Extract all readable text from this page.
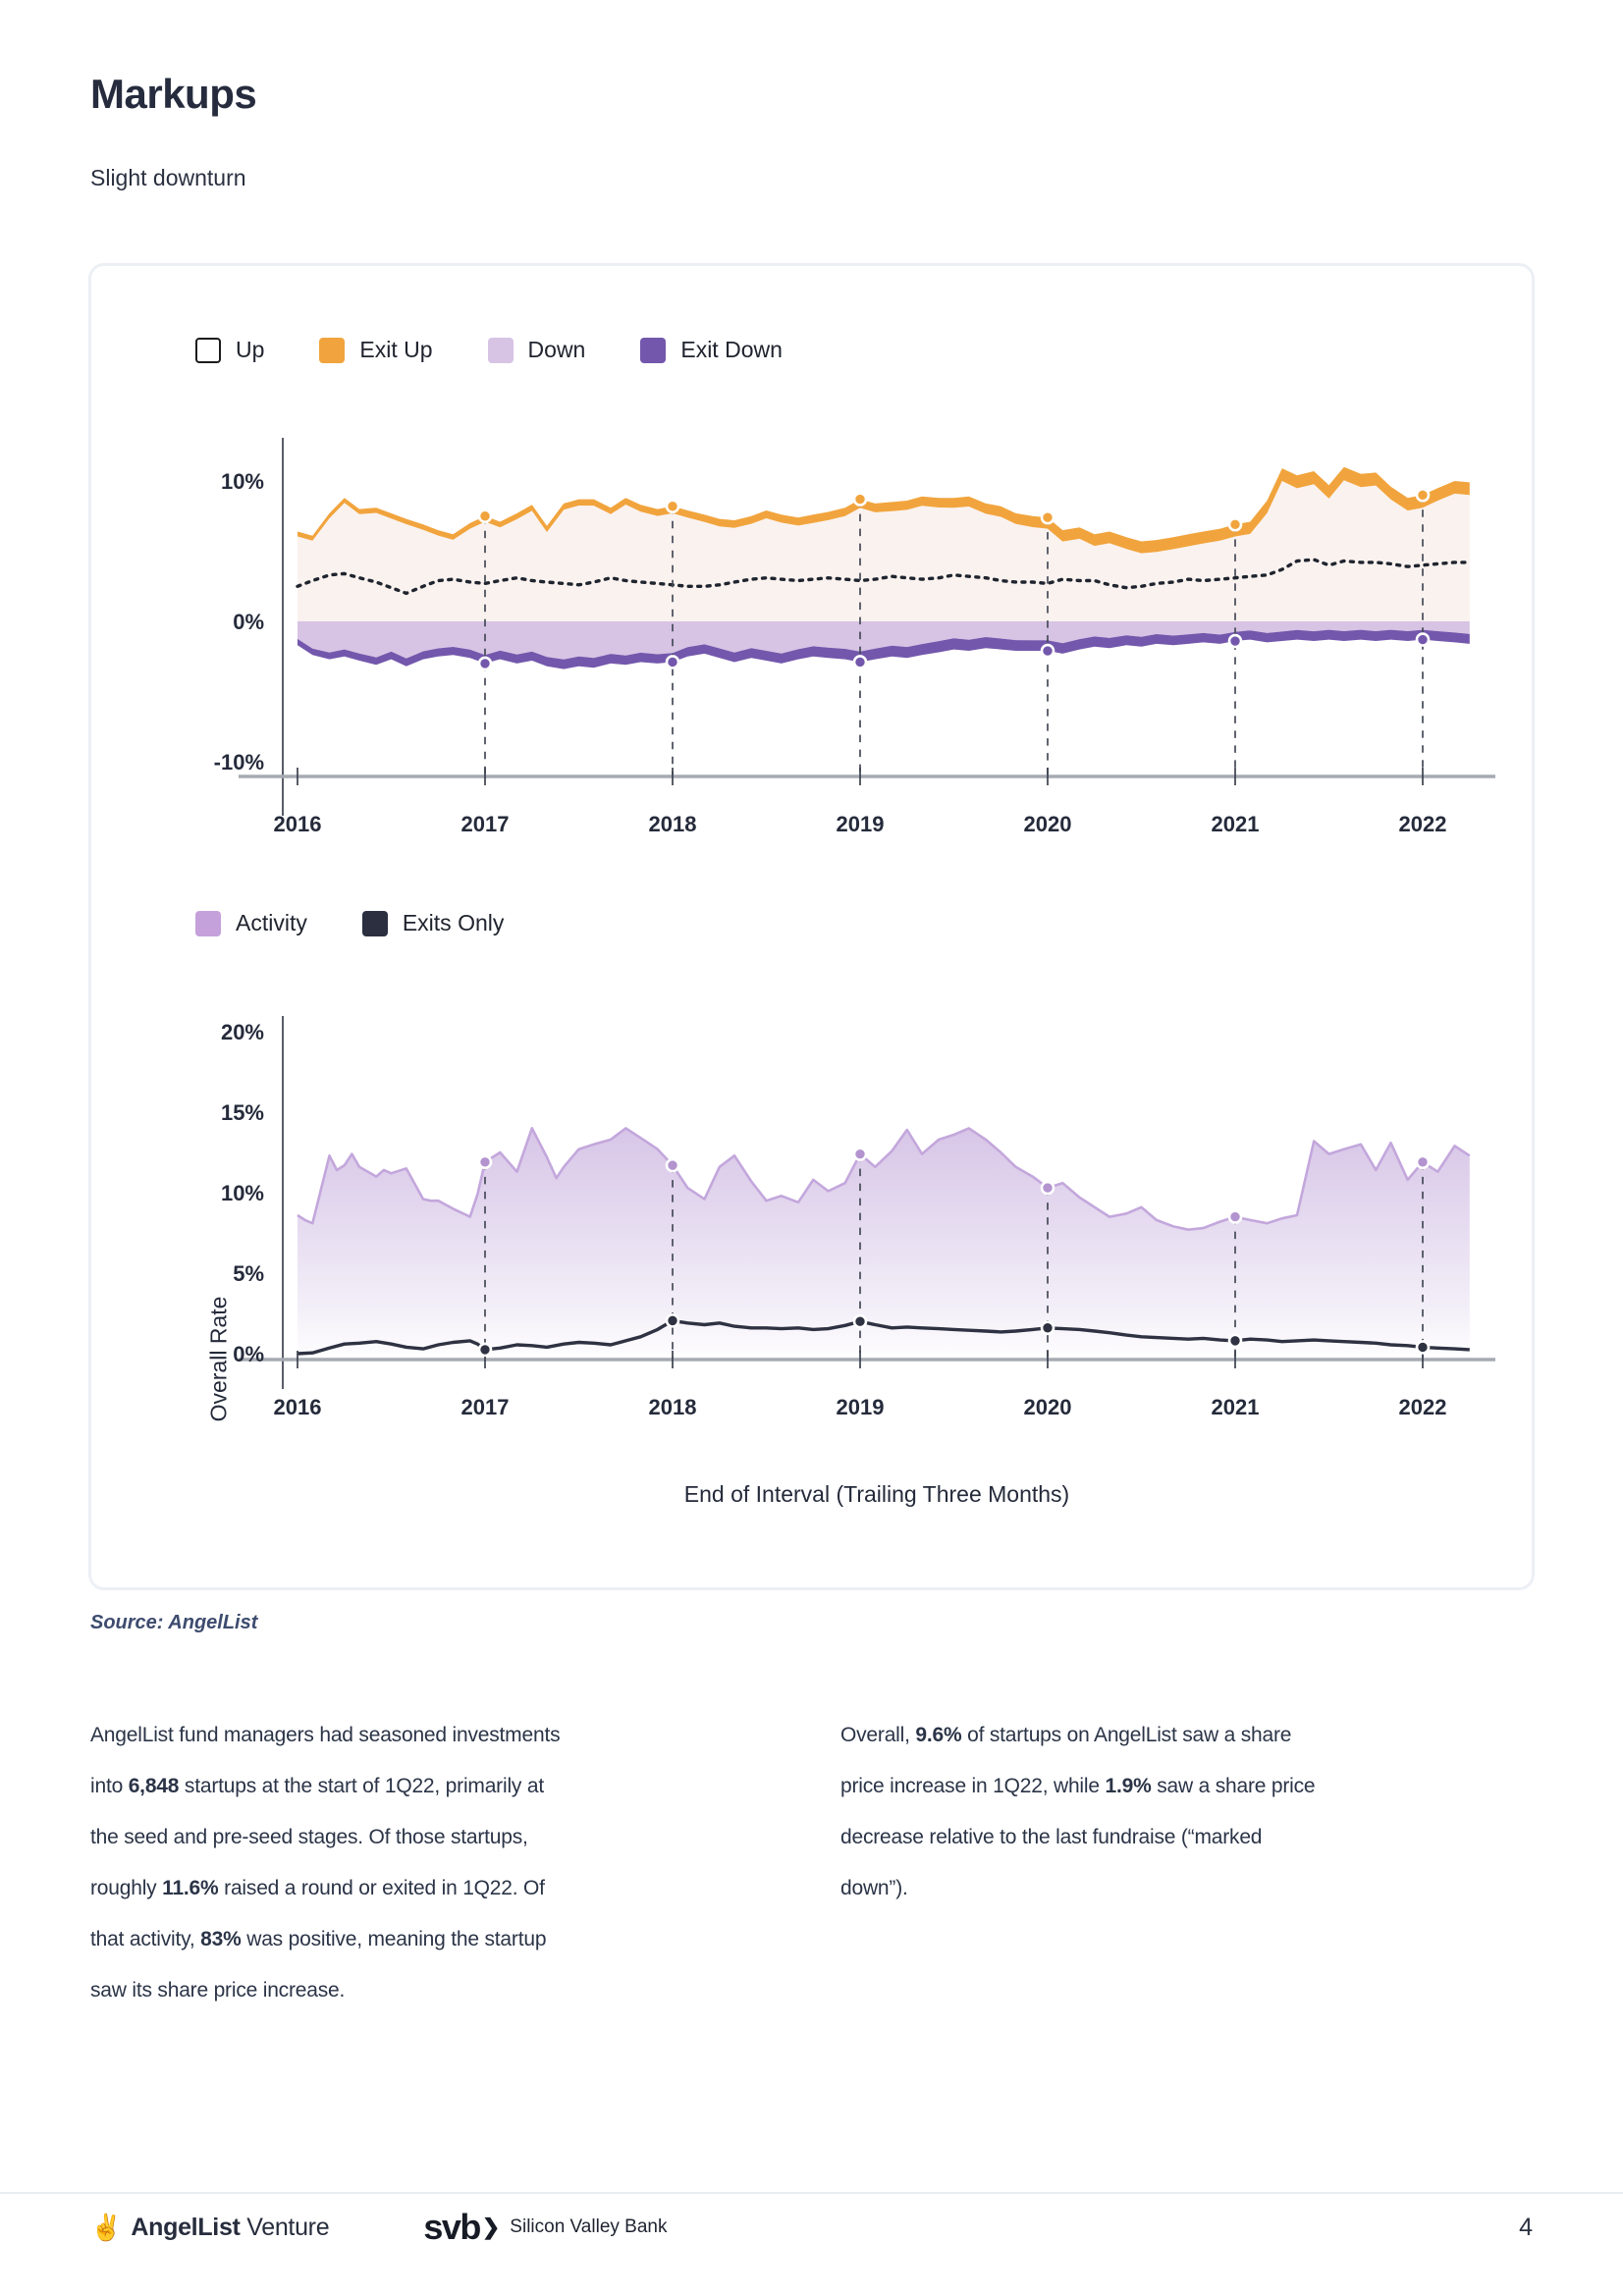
Markups
Slight downturn
Up	Exit Up	Down	Exit Down
2016	2017	2018	2019	2020	2021	2022
10%
0%
-10%
Activity	Exits Only
2016	2017	2018	2019	2020	2021	2022
20%
15%
10%
5%
0%
Overall Rate
End of Interval (Trailing Three Months)
Source: AngelList
AngelList fund managers had seasoned investments into 6,848 startups at the start of 1Q22, primarily at the seed and pre-seed stages. Of those startups, roughly 11.6% raised a round or exited in 1Q22. Of that activity, 83% was positive, meaning the startup saw its share price increase.
Overall, 9.6% of startups on AngelList saw a share price increase in 1Q22, while 1.9% saw a share price decrease relative to the last fundraise (“marked down”).
✌ AngelList Venture	svb ❯ Silicon Valley Bank	4
